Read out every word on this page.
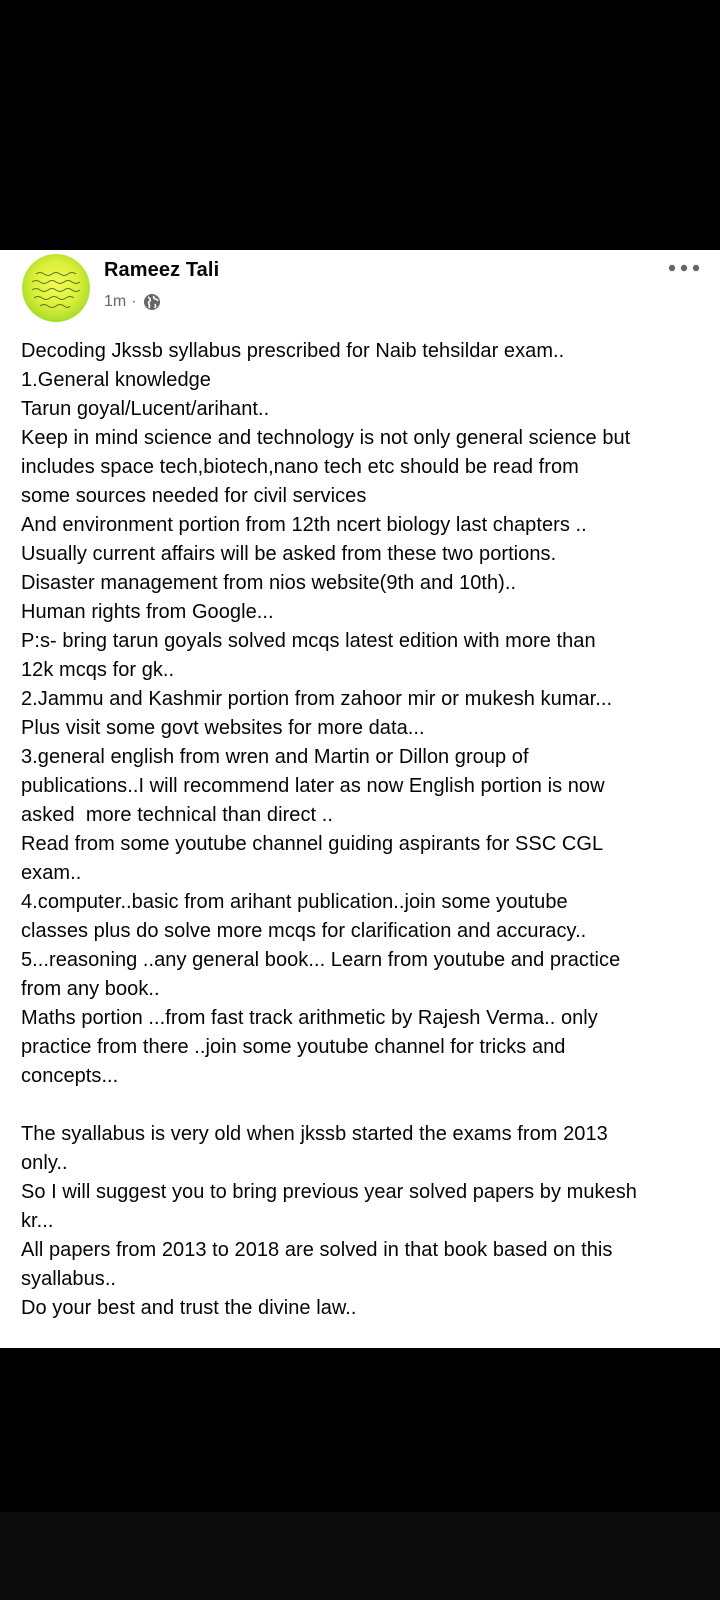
Rameez Tali
1m ·
Decoding Jkssb syllabus prescribed for Naib tehsildar exam..
1.General knowledge
Tarun goyal/Lucent/arihant..
Keep in mind science and technology is not only general science but
includes space tech,biotech,nano tech etc should be read from
some sources needed for civil services
And environment portion from 12th ncert biology last chapters ..
Usually current affairs will be asked from these two portions.
Disaster management from nios website(9th and 10th)..
Human rights from Google...
P:s- bring tarun goyals solved mcqs latest edition with more than
12k mcqs for gk..
2.Jammu and Kashmir portion from zahoor mir or mukesh kumar...
Plus visit some govt websites for more data...
3.general english from wren and Martin or Dillon group of
publications..I will recommend later as now English portion is now
asked  more technical than direct ..
Read from some youtube channel guiding aspirants for SSC CGL
exam..
4.computer..basic from arihant publication..join some youtube
classes plus do solve more mcqs for clarification and accuracy..
5...reasoning ..any general book... Learn from youtube and practice
from any book..
Maths portion ...from fast track arithmetic by Rajesh Verma.. only
practice from there ..join some youtube channel for tricks and
concepts...

The syallabus is very old when jkssb started the exams from 2013
only..
So I will suggest you to bring previous year solved papers by mukesh
kr...
All papers from 2013 to 2018 are solved in that book based on this
syallabus..
Do your best and trust the divine law..
